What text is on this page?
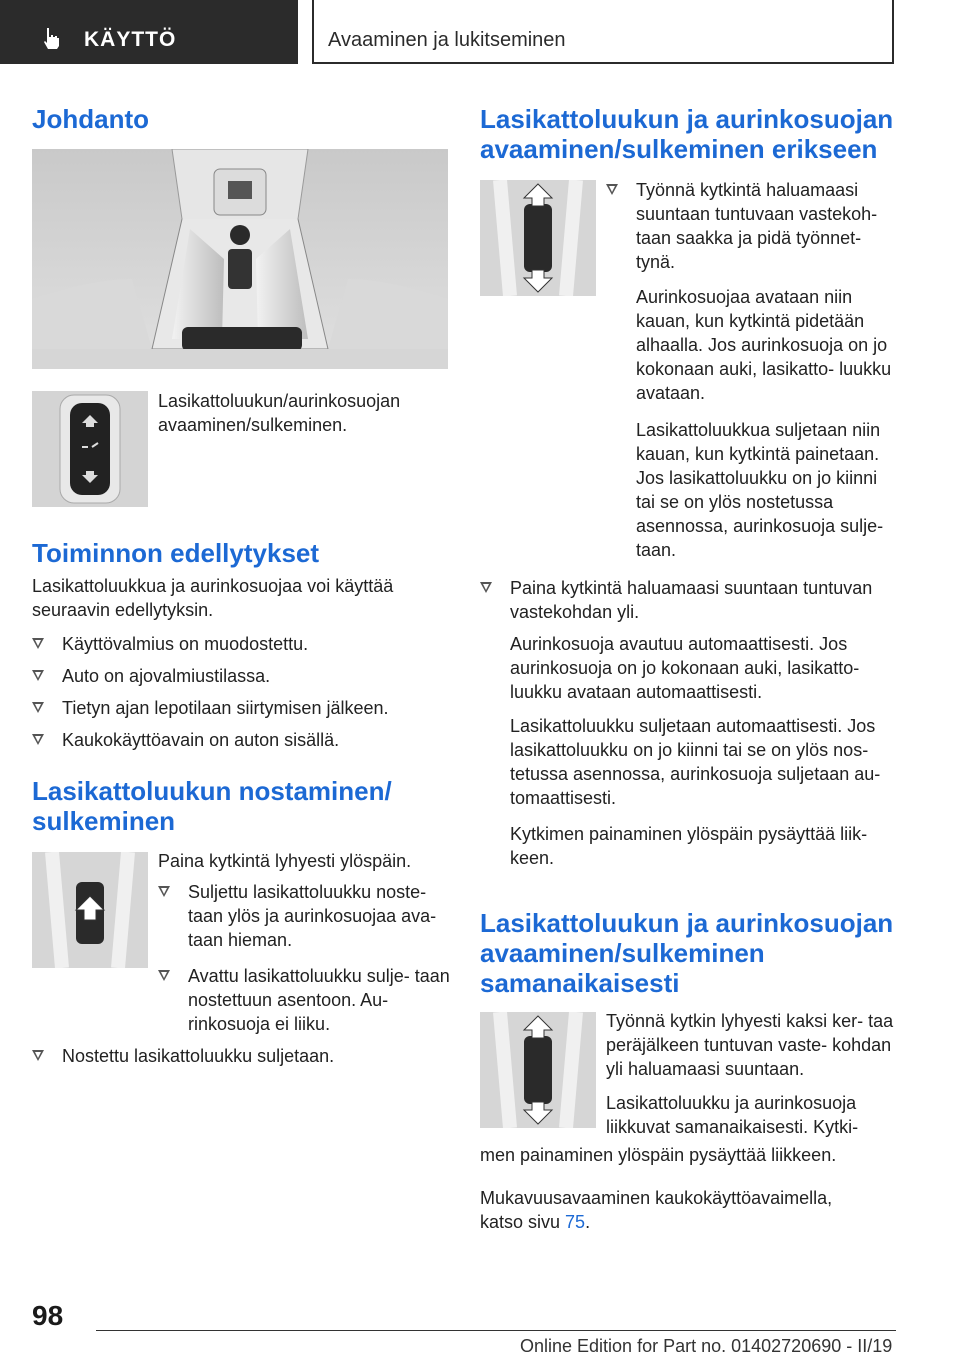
KÄYTTÖ	Avaaminen ja lukitseminen
Johdanto

Lasikattoluukun/aurinkosuojan avaaminen/sulkeminen.

Toiminnon edellytykset

Lasikattoluukkua ja aurinkosuojaa voi käyttää seuraavin edellytyksin.

Käyttövalmius on muodostettu.
Auto on ajovalmiustilassa.
Tietyn ajan lepotilaan siirtymisen jälkeen.
Kaukokäyttöavain on auton sisällä.
Lasikattoluukun nostaminen/ sulkeminen

Paina kytkintä lyhyesti ylöspäin.

Suljettu lasikattoluukku noste- taan ylös ja aurinkosuojaa ava- taan hieman.
Avattu lasikattoluukku sulje- taan nostettuun asentoon. Au- rinkosuoja ei liiku.
Nostettu lasikattoluukku suljetaan.
Lasikattoluukun ja aurinkosuojan avaaminen/sulkeminen erikseen
Työnnä kytkintä haluamaasi suuntaan tuntuvaan vastekoh- taan saakka ja pidä työnnet- tynä.

Aurinkosuojaa avataan niin kauan, kun kytkintä pidetään alhaalla. Jos aurinkosuoja on jo kokonaan auki, lasikatto- luukku avataan.

Lasikattoluukkua suljetaan niin kauan, kun kytkintä painetaan. Jos lasikattoluukku on jo kiinni tai se on ylös nostetussa asennossa, aurinkosuoja sulje- taan.

Paina kytkintä haluamaasi suuntaan tuntuvan vastekohdan yli.

Aurinkosuoja avautuu automaattisesti. Jos aurinkosuoja on jo kokonaan auki, lasikatto- luukku avataan automaattisesti.

Lasikattoluukku suljetaan automaattisesti. Jos lasikattoluukku on jo kiinni tai se on ylös nos- tetussa asennossa, aurinkosuoja suljetaan au- tomaattisesti.

Kytkimen painaminen ylöspäin pysäyttää liik- keen.

Lasikattoluukun ja aurinkosuojan avaaminen/sulkeminen samanaikaisesti

Työnnä kytkin lyhyesti kaksi ker- taa peräjälkeen tuntuvan vaste- kohdan yli haluamaasi suuntaan.

Lasikattoluukku ja aurinkosuoja liikkuvat samanaikaisesti. Kytki-

men painaminen ylöspäin pysäyttää liikkeen.

Mukavuusavaaminen kaukokäyttöavaimella,

katso sivu 75.

98
Online Edition for Part no. 01402720690 - II/19
